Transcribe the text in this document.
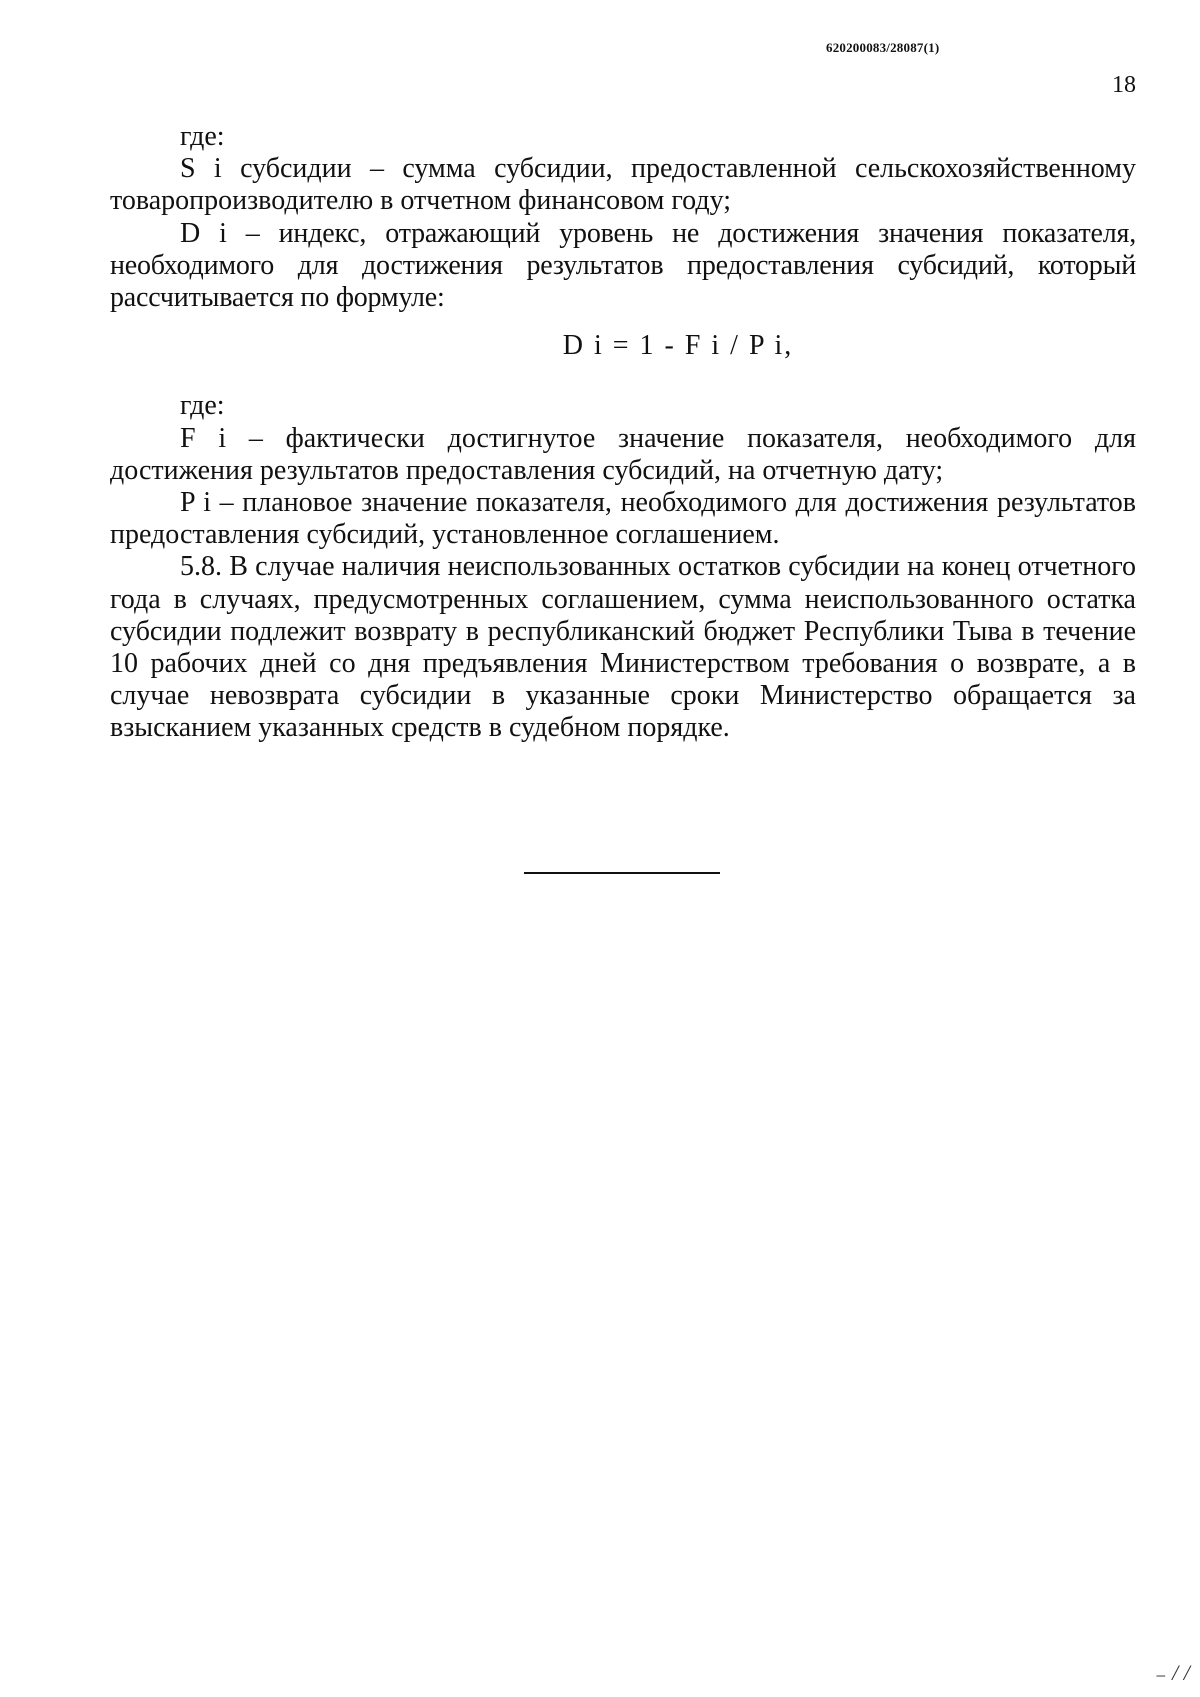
620200083/28087(1)
18

где:

S i субсидии – сумма субсидии, предоставленной сельскохозяйственному товаропроизводителю в отчетном финансовом году;

D i – индекс, отражающий уровень не достижения значения показателя, необходимого для достижения результатов предоставления субсидий, который рассчитывается по формуле:

D i = 1 - F i / P i,

где:

F i – фактически достигнутое значение показателя, необходимого для достижения результатов предоставления субсидий, на отчетную дату;

P i – плановое значение показателя, необходимого для достижения результатов предоставления субсидий, установленное соглашением.

5.8. В случае наличия неиспользованных остатков субсидии на конец отчетного года в случаях, предусмотренных соглашением, сумма неиспользованного остатка субсидии подлежит возврату в республиканский бюджет Республики Тыва в течение 10 рабочих дней со дня предъявления Министерством требования о возврате, а в случае невозврата субсидии в указанные сроки Министерство обращается за взысканием указанных средств в судебном порядке.

₋ / /
